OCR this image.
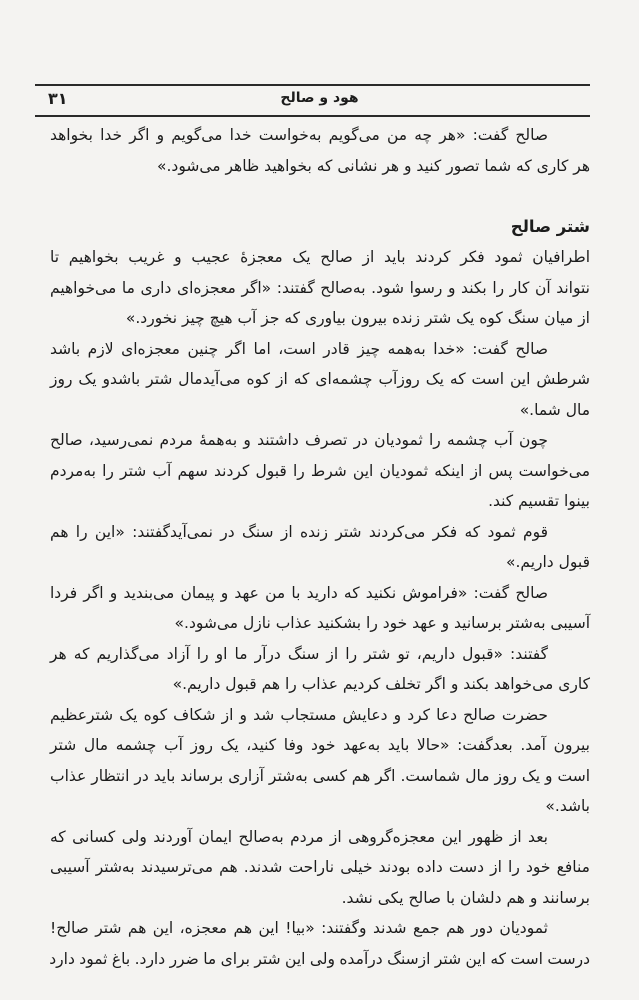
هود و صالح
۳۱
صالح گفت: «هر چه من می‌گویم به‌خواست خدا می‌گویم و اگر خدا بخواهد
هر کاری که شما تصور کنید و هر نشانی که بخواهید ظاهر می‌شود.»
شتر صالح
اطرافیان ثمود فکر کردند باید از صالح یک معجزهٔ عجیب و غریب بخواهیم تا
نتواند آن کار را بکند و رسوا شود. به‌صالح گفتند: «اگر معجزه‌ای داری ما می‌خواهیم
از میان سنگ کوه یک شتر زنده بیرون بیاوری که جز آب هیچ چیز نخورد.»
صالح گفت: «خدا به‌همه چیز قادر است، اما اگر چنین معجزه‌ای لازم باشد
شرطش این است که یک روزآب چشمه‌ای که از کوه می‌آیدمال شتر باشدو یک روز
مال شما.»
چون آب چشمه را ثمودیان در تصرف داشتند و به‌همهٔ مردم نمی‌رسید، صالح
می‌خواست پس از اینکه ثمودیان این شرط را قبول کردند سهم آب شتر را به‌مردم
بینوا تقسیم کند.
قوم ثمود که فکر می‌کردند شتر زنده از سنگ در نمی‌آیدگفتند: «این را هم
قبول داریم.»
صالح گفت: «فراموش نکنید که دارید با من عهد و پیمان می‌بندید و اگر فردا
آسیبی به‌شتر برسانید و عهد خود را بشکنید عذاب نازل می‌شود.»
گفتند: «قبول داریم، تو شتر را از سنگ درآر ما او را آزاد می‌گذاریم که هر
کاری می‌خواهد بکند و اگر تخلف کردیم عذاب را هم قبول داریم.»
حضرت صالح دعا کرد و دعایش مستجاب شد و از شکاف کوه یک شترعظیم
بیرون آمد. بعدگفت: «حالا باید به‌عهد خود وفا کنید، یک روز آب چشمه مال شتر
است و یک روز مال شماست. اگر هم کسی به‌شتر آزاری برساند باید در انتظار عذاب
باشد.»
بعد از ظهور این معجزه‌گروهی از مردم به‌صالح ایمان آوردند ولی کسانی که
منافع خود را از دست داده بودند خیلی ناراحت شدند. هم می‌ترسیدند به‌شتر آسیبی
برسانند و هم دلشان با صالح یکی نشد.
ثمودیان دور هم جمع شدند وگفتند: «بیا! این هم معجزه، این هم شتر صالح!
درست است که این شتر ازسنگ درآمده ولی این شتر برای ما ضرر دارد. باغ ثمود دارد
